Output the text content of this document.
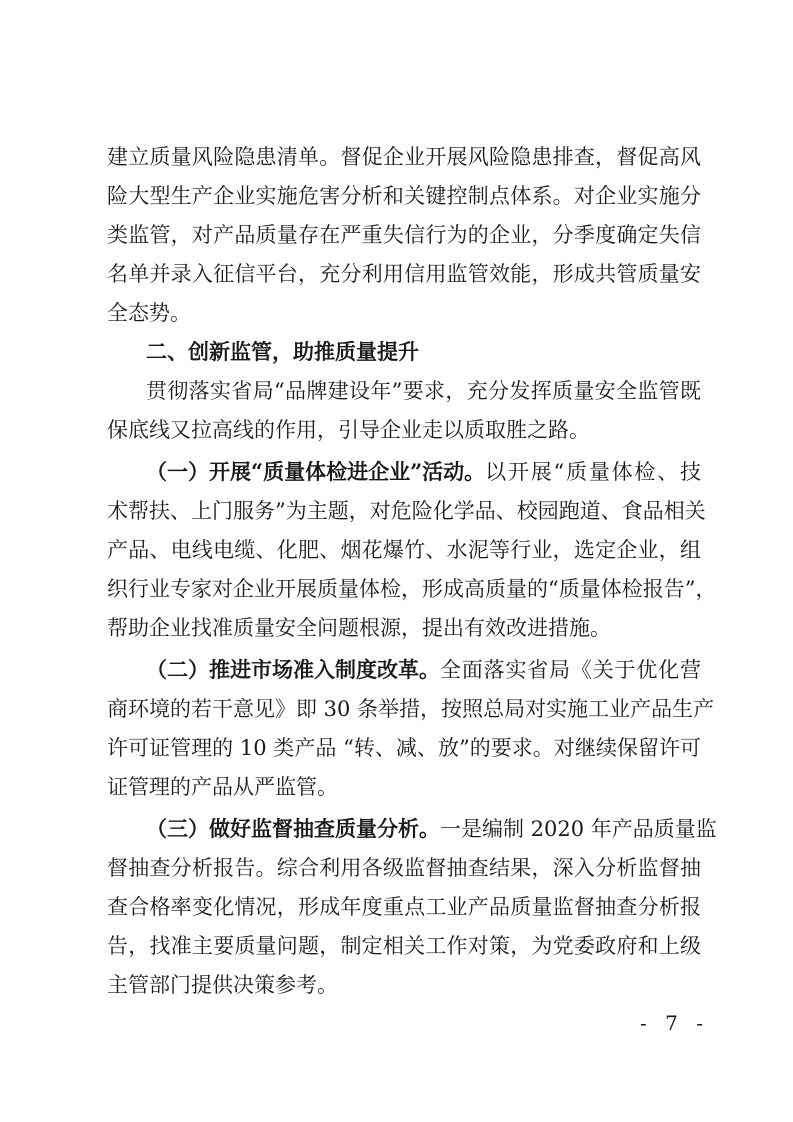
建立质量风险隐患清单。督促企业开展风险隐患排查，督促高风
险大型生产企业实施危害分析和关键控制点体系。对企业实施分
类监管，对产品质量存在严重失信行为的企业，分季度确定失信
名单并录入征信平台，充分利用信用监管效能，形成共管质量安
全态势。
二、创新监管，助推质量提升
贯彻落实省局“品牌建设年”要求，充分发挥质量安全监管既
保底线又拉高线的作用，引导企业走以质取胜之路。
（一）开展“质量体检进企业”活动。 以开展“质量体检、技
术帮扶、上门服务”为主题，对危险化学品、校园跑道、食品相关
产品、电线电缆、化肥、烟花爆竹、水泥等行业，选定企业，组
织行业专家对企业开展质量体检，形成高质量的“质量体检报告”，
帮助企业找准质量安全问题根源，提出有效改进措施。
（二）推进市场准入制度改革。 全面落实省局《关于优化营
商环境的若干意见》即 30 条举措，按照总局对实施工业产品生产
许可证管理的 10 类产品 “转、减、放”的要求。对继续保留许可
证管理的产品从严监管。
（三）做好监督抽查质量分析。 一是编制 2020 年产品质量监
督抽查分析报告。综合利用各级监督抽查结果，深入分析监督抽
查合格率变化情况，形成年度重点工业产品质量监督抽查分析报
告，找准主要质量问题，制定相关工作对策，为党委政府和上级
主管部门提供决策参考。
- 7 -
